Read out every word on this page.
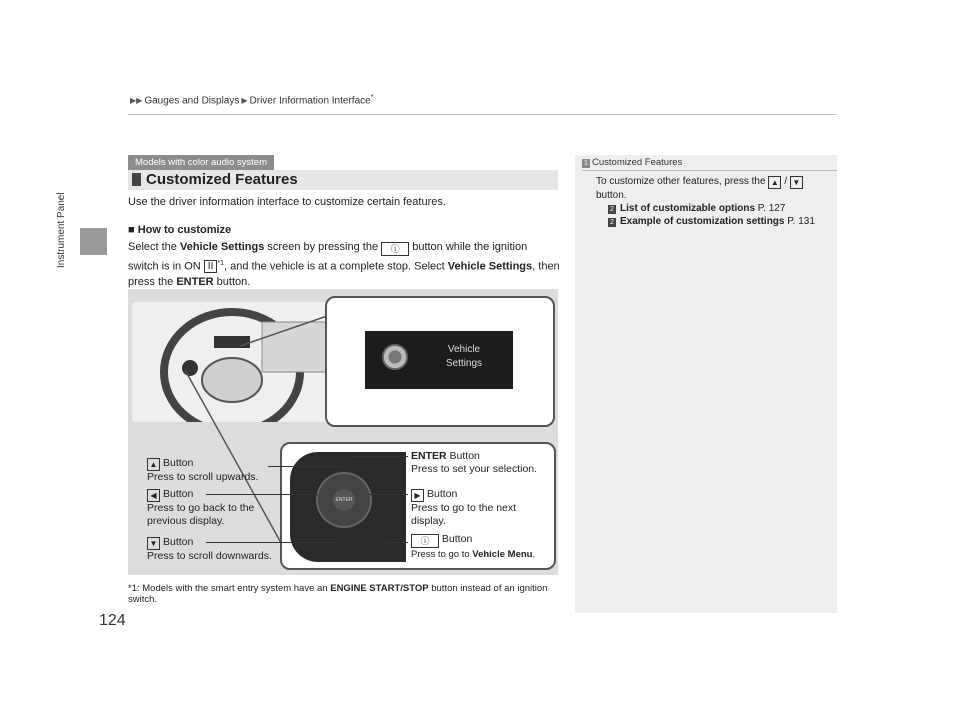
Instrument Panel
▶▶ Gauges and Displays ▶ Driver Information Interface*
124
Models with color audio system
Customized Features
Use the driver information interface to customize certain features.
■ How to customize
Select the Vehicle Settings screen by pressing the ⓘ button while the ignition switch is in ON II $^{*1}$, and the vehicle is at a complete stop. Select Vehicle Settings, then press the ENTER button.
Vehicle
Settings
ENTER
▲ Button
Press to scroll upwards.
◀ Button
Press to go back to the
previous display.
▼ Button
Press to scroll downwards.
ENTER Button
Press to set your selection.
▶ Button
Press to go to the next
display.
ⓘ Button
Press to go to Vehicle Menu.
*1: Models with the smart entry system have an ENGINE START/STOP button instead of an ignition switch.
1 Customized Features
To customize other features, press the ▲ / ▼
button.
2 List of customizable options P. 127
2 Example of customization settings P. 131
